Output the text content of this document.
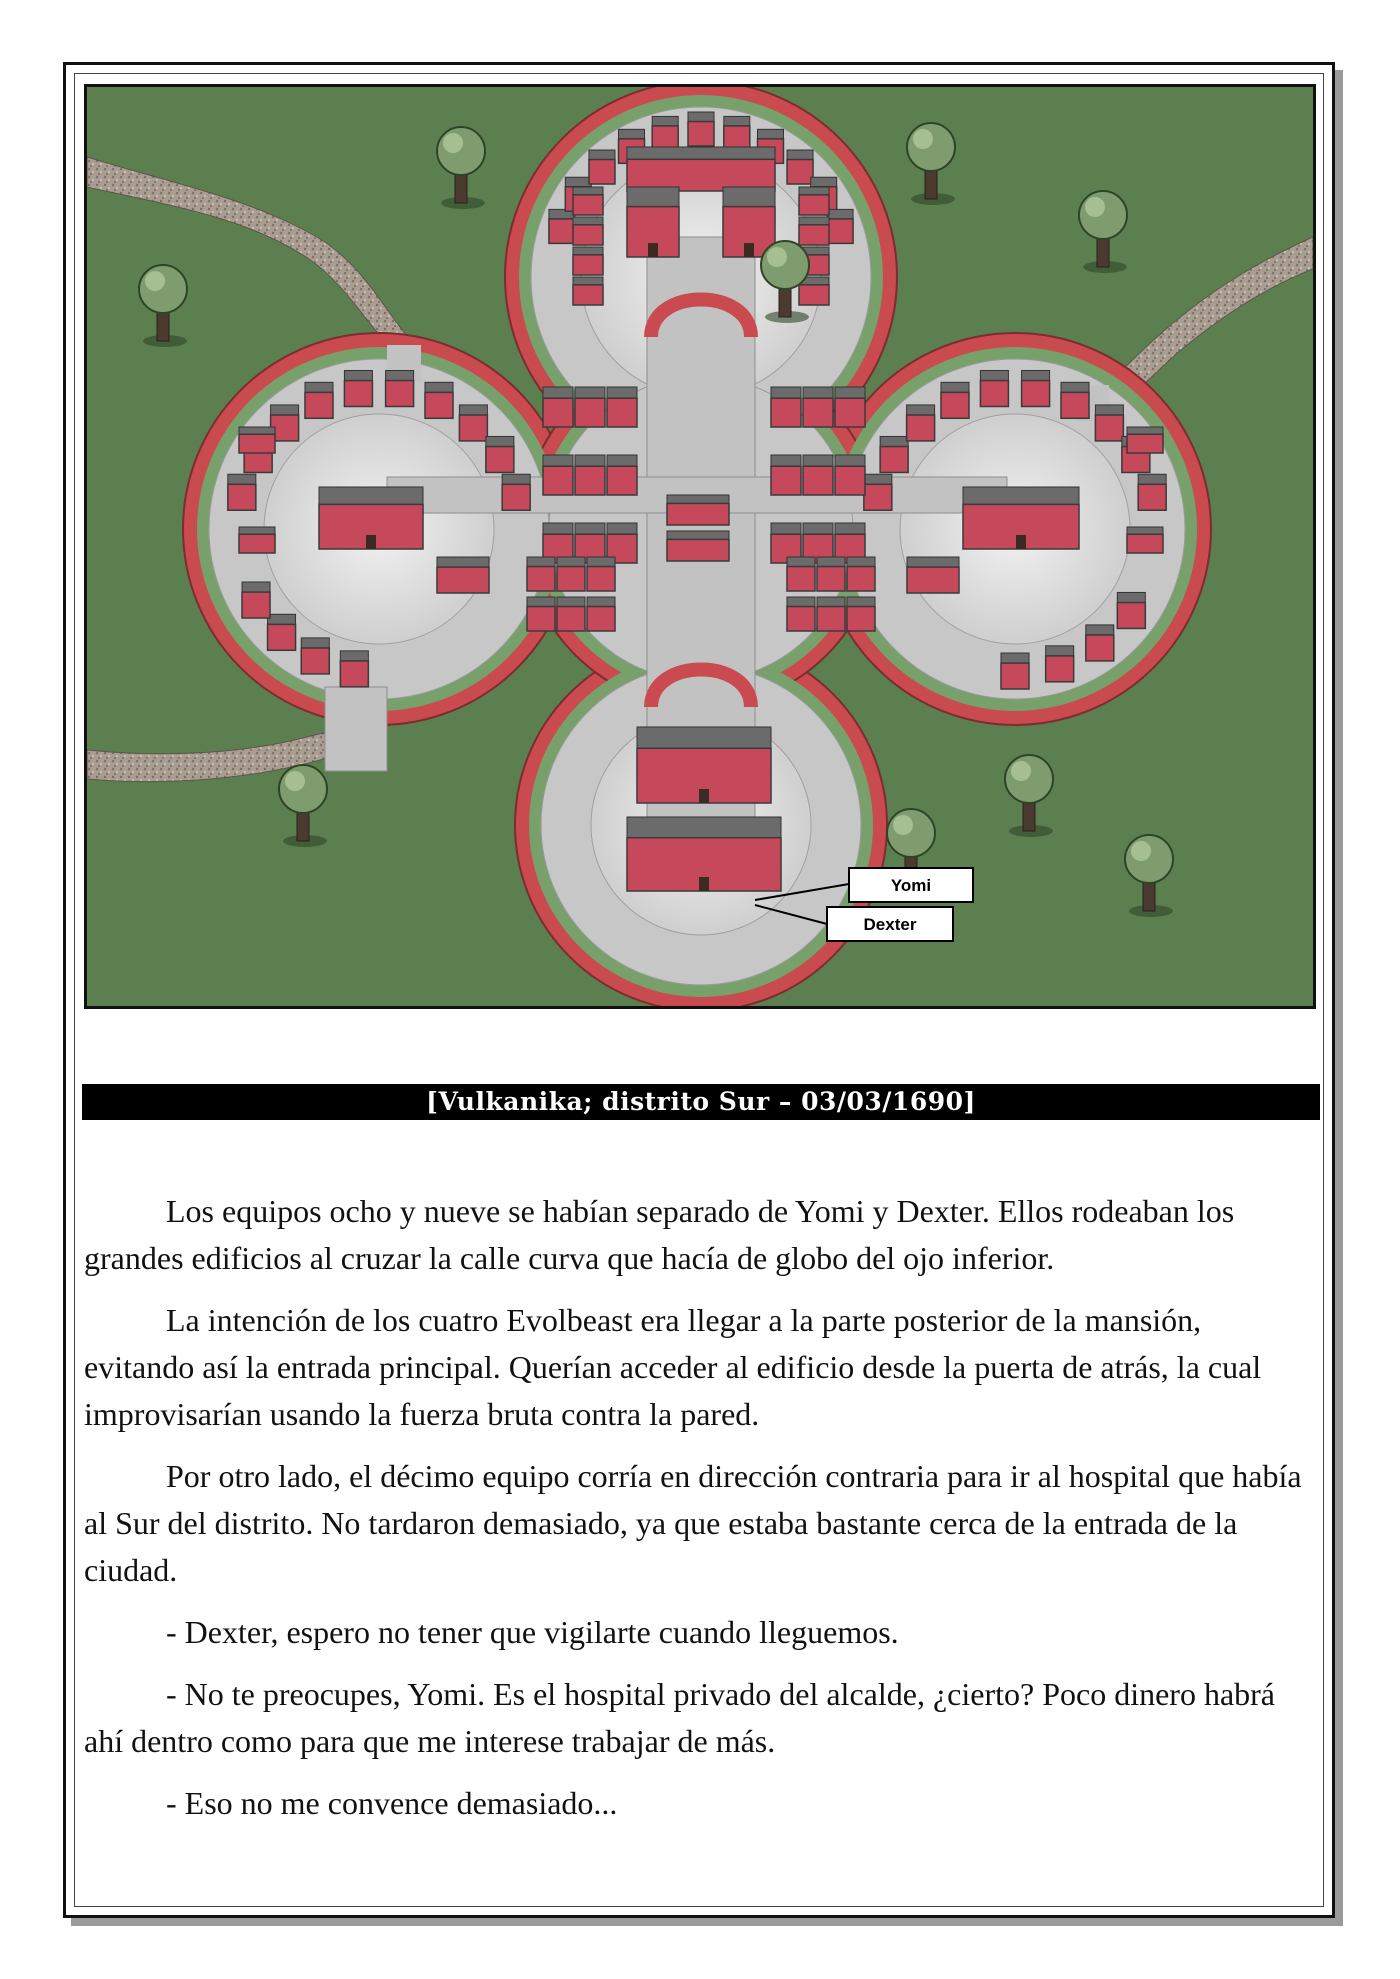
Yomi
Dexter
[Vulkanika; distrito Sur – 03/03/1690]

Los equipos ocho y nueve se habían separado de Yomi y Dexter. Ellos rodeaban los grandes edificios al cruzar la calle curva que hacía de globo del ojo inferior.

La intención de los cuatro Evolbeast era llegar a la parte posterior de la mansión, evitando así la entrada principal. Querían acceder al edificio desde la puerta de atrás, la cual improvisarían usando la fuerza bruta contra la pared.

Por otro lado, el décimo equipo corría en dirección contraria para ir al hospital que había al Sur del distrito. No tardaron demasiado, ya que estaba bastante cerca de la entrada de la ciudad.

- Dexter, espero no tener que vigilarte cuando lleguemos.

- No te preocupes, Yomi. Es el hospital privado del alcalde, ¿cierto? Poco dinero habrá ahí dentro como para que me interese trabajar de más.

- Eso no me convence demasiado...
